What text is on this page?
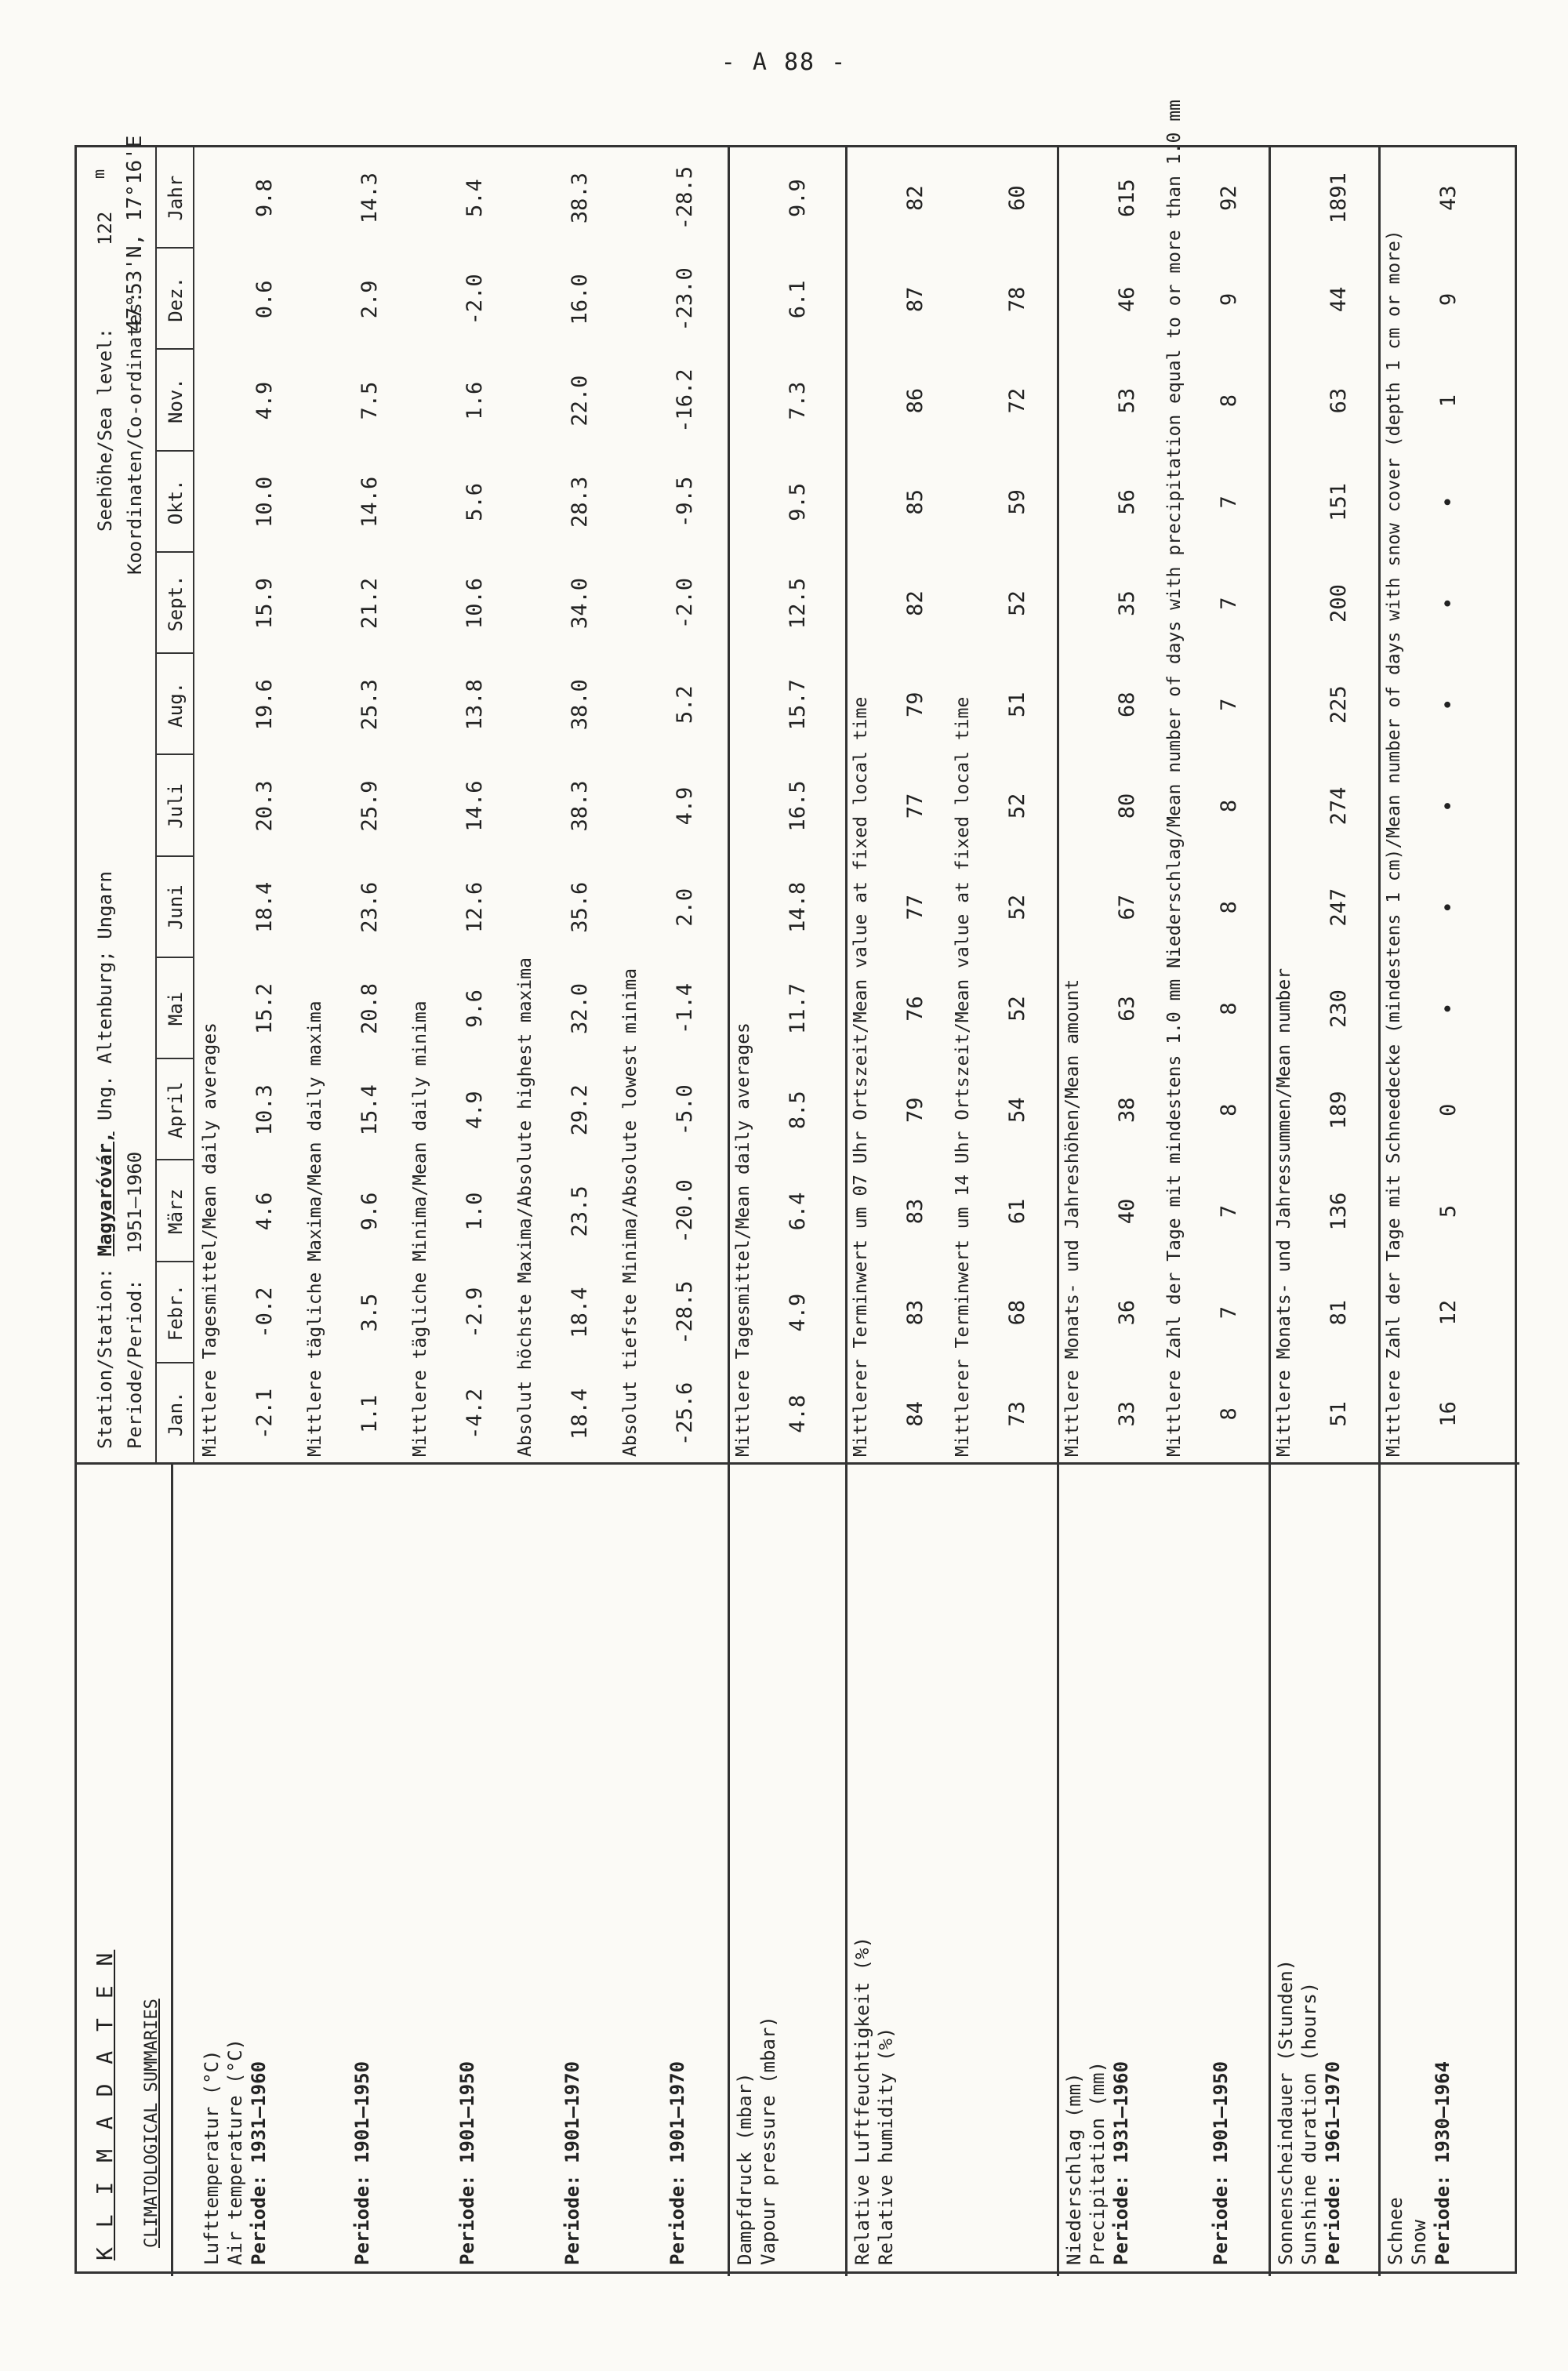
- A 88 -
K L I M A D A T E N CLIMATOLOGICAL SUMMARIES
Station/Station: Magyaróvár, Ung. Altenburg; Ungarn
Periode/Period: 1951–1960
Seehöhe/Sea level:
122
m
Koordinaten/Co-ordinates:
47°53'N, 17°16'E
Jan.
Febr.
März
April
Mai
Juni
Juli
Aug.
Sept.
Okt.
Nov.
Dez.
Jahr
Lufttemperatur (°C) Air temperature (°C) Periode: 1931–1960
Mittlere Tagesmittel/Mean daily averages -2.1
-0.2
4.6
10.3
15.2
18.4
20.3
19.6
15.9
10.0
4.9
0.6
9.8
Mittlere tägliche Maxima/Mean daily maxima
Periode: 1901–1950
1.1
3.5
9.6
15.4
20.8
23.6
25.9
25.3
21.2
14.6
7.5
2.9
14.3
Mittlere tägliche Minima/Mean daily minima
Periode: 1901–1950
-4.2
-2.9
1.0
4.9
9.6
12.6
14.6
13.8
10.6
5.6
1.6
-2.0
5.4
Absolut höchste Maxima/Absolute highest maxima
Periode: 1901–1970
18.4
18.4
23.5
29.2
32.0
35.6
38.3
38.0
34.0
28.3
22.0
16.0
38.3
Absolut tiefste Minima/Absolute lowest minima
Periode: 1901–1970
-25.6
-28.5
-20.0
-5.0
-1.4
2.0
4.9
5.2
-2.0
-9.5
-16.2
-23.0
-28.5
Dampfdruck (mbar) Vapour pressure (mbar)
Mittlere Tagesmittel/Mean daily averages 4.8
4.9
6.4
8.5
11.7
14.8
16.5
15.7
12.5
9.5
7.3
6.1
9.9
Relative Luftfeuchtigkeit (%) Relative humidity (%)
Mittlerer Terminwert um 07 Uhr Ortszeit/Mean value at fixed local time 84
83
83
79
76
77
77
79
82
85
86
87
82
Mittlerer Terminwert um 14 Uhr Ortszeit/Mean value at fixed local time 73
68
61
54
52
52
52
51
52
59
72
78
60
Niederschlag (mm) Precipitation (mm) Periode: 1931–1960
Mittlere Monats- und Jahreshöhen/Mean amount 33
36
40
38
63
67
80
68
35
56
53
46
615 Mittlere Zahl der Tage mit mindestens 1.0 mm Niederschlag/Mean number of days with precipitation equal to or more than 1.0 mm
Periode: 1901–1950
8
7
7
8
8
8
8
7
7
7
8
9
92
Sonnenscheindauer (Stunden) Sunshine duration (hours) Periode: 1961–1970
Mittlere Monats- und Jahressummen/Mean number 51
81
136
189
230
247
274
225
200
151
63
44
1891
Schnee Snow Periode: 1930–1964
Mittlere Zahl der Tage mit Schneedecke (mindestens 1 cm)/Mean number of days with snow cover (depth 1 cm or more) 16
12
5
0
•
•
•
•
•
•
1
9
43
